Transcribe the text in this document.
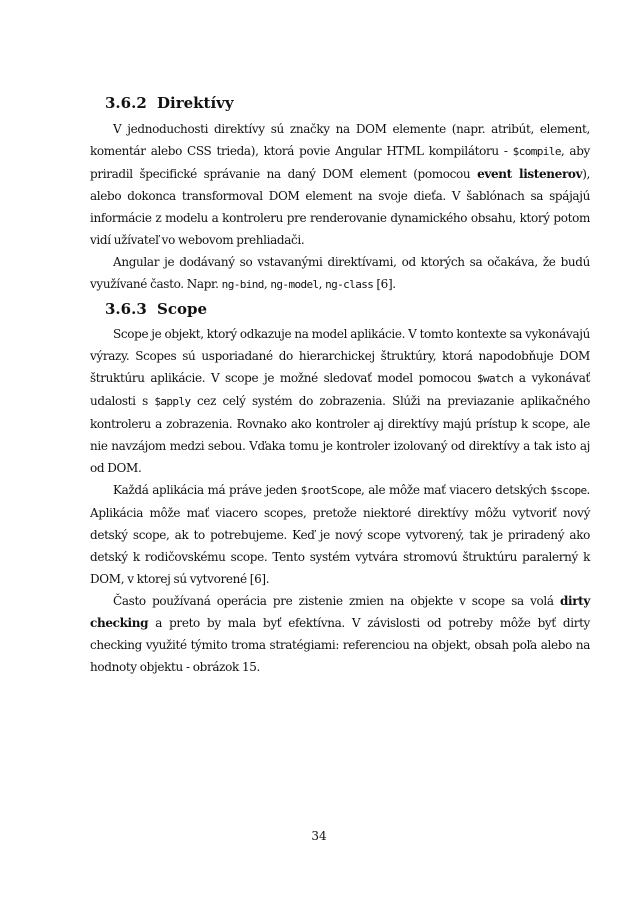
3.6.2 Direktívy

V jednoduchosti direktívy sú značky na DOM elemente (napr. atribút, element, komentár alebo CSS trieda), ktorá povie Angular HTML kompilátoru - $compile, aby priradil špecifické správanie na daný DOM element (pomocou event listenerov), alebo dokonca transformoval DOM element na svoje dieťa. V šablónach sa spájajú informácie z modelu a kontroleru pre renderovanie dynamického obsahu, ktorý potom vidí užívateľ vo webovom prehliadači.

Angular je dodávaný so vstavanými direktívami, od ktorých sa očakáva, že budú využívané často. Napr. ng-bind, ng-model, ng-class [6].

3.6.3 Scope

Scope je objekt, ktorý odkazuje na model aplikácie. V tomto kontexte sa vykonávajú výrazy. Scopes sú usporiadané do hierarchickej štruktúry, ktorá napodobňuje DOM štruktúru aplikácie. V scope je možné sledovať model pomocou $watch a vykonávať udalosti s $apply cez celý systém do zobrazenia. Slúži na previazanie aplikačného kontroleru a zobrazenia. Rovnako ako kontroler aj direktívy majú prístup k scope, ale nie navzájom medzi sebou. Vďaka tomu je kontroler izolovaný od direktívy a tak isto aj od DOM.

Každá aplikácia má práve jeden $rootScope, ale môže mať viacero detských $scope. Aplikácia môže mať viacero scopes, pretože niektoré direktívy môžu vytvoriť nový detský scope, ak to potrebujeme. Keď je nový scope vytvorený, tak je priradený ako detský k rodičovskému scope. Tento systém vytvára stromovú štruktúru paralerný k DOM, v ktorej sú vytvorené [6].

Často používaná operácia pre zistenie zmien na objekte v scope sa volá dirty checking a preto by mala byť efektívna. V závislosti od potreby môže byť dirty checking využité týmito troma stratégiami: referenciou na objekt, obsah poľa alebo na hodnoty objektu - obrázok 15.

34
